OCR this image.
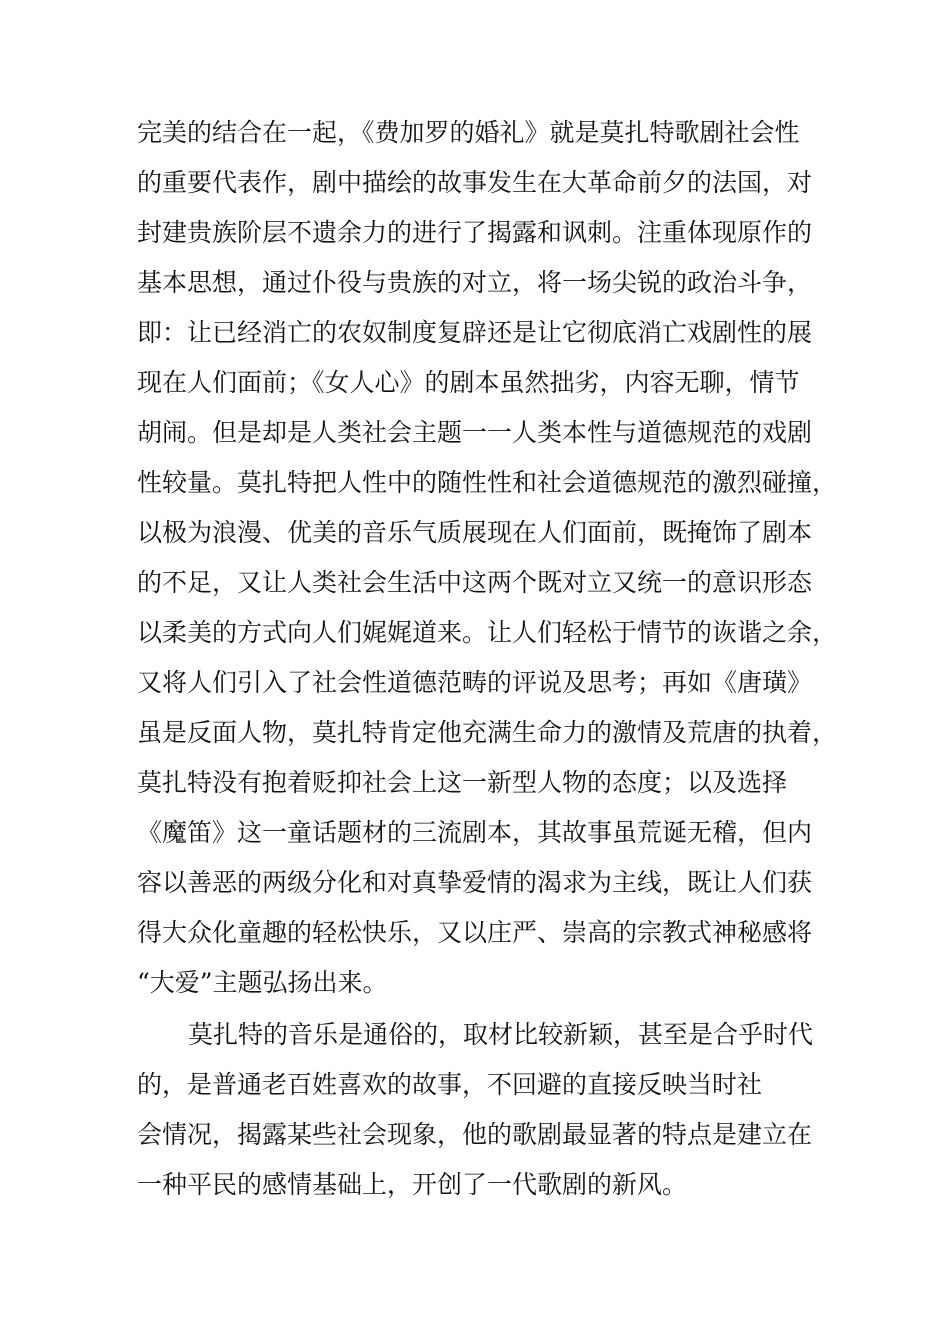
完美的结合在一起，《费加罗的婚礼》就是莫扎特歌剧社会性
的重要代表作，剧中描绘的故事发生在大革命前夕的法国，对
封建贵族阶层不遗余力的进行了揭露和讽刺。注重体现原作的
基本思想，通过仆役与贵族的对立，将一场尖锐的政治斗争，
即：让已经消亡的农奴制度复辟还是让它彻底消亡戏剧性的展
现在人们面前；《女人心》的剧本虽然拙劣，内容无聊，情节
胡闹。但是却是人类社会主题一一人类本性与道德规范的戏剧
性较量。莫扎特把人性中的随性性和社会道德规范的激烈碰撞，
以极为浪漫、优美的音乐气质展现在人们面前，既掩饰了剧本
的不足，又让人类社会生活中这两个既对立又统一的意识形态
以柔美的方式向人们娓娓道来。让人们轻松于情节的诙谐之余，
又将人们引入了社会性道德范畴的评说及思考；再如《唐璜》
虽是反面人物，莫扎特肯定他充满生命力的激情及荒唐的执着，
莫扎特没有抱着贬抑社会上这一新型人物的态度；以及选择
《魔笛》这一童话题材的三流剧本，其故事虽荒诞无稽，但内
容以善恶的两级分化和对真挚爱情的渴求为主线，既让人们获
得大众化童趣的轻松快乐，又以庄严、崇高的宗教式神秘感将
“大爱”主题弘扬出来。
莫扎特的音乐是通俗的，取材比较新颖，甚至是合乎时代
的，是普通老百姓喜欢的故事，不回避的直接反映当时社
会情况，揭露某些社会现象，他的歌剧最显著的特点是建立在
一种平民的感情基础上，开创了一代歌剧的新风。
